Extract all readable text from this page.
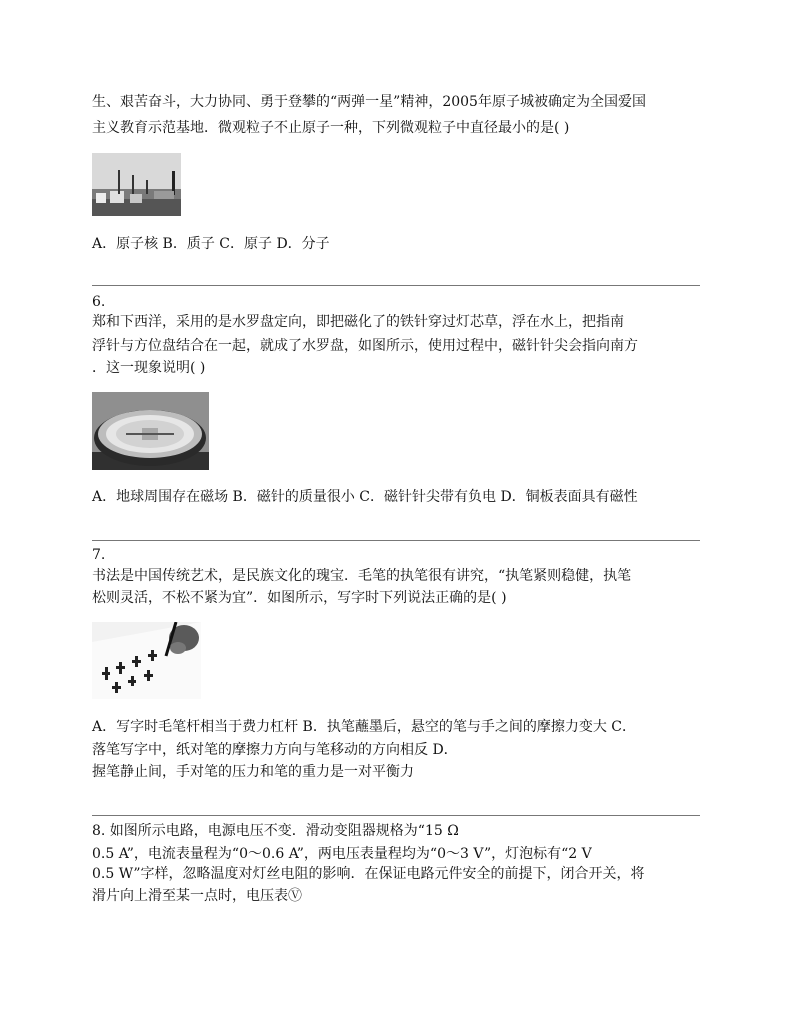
生、艰苦奋斗，大力协同、勇于登攀的“两弹一星”精神，2005年原子城被确定为全国爱国
主义教育示范基地．微观粒子不止原子一种，下列微观粒子中直径最小的是( )
A．原子核 B．质子 C．原子 D．分子
6.
郑和下西洋，采用的是水罗盘定向，即把磁化了的铁针穿过灯芯草，浮在水上，把指南
浮针与方位盘结合在一起，就成了水罗盘，如图所示，使用过程中，磁针针尖会指向南方
．这一现象说明( )
A．地球周围存在磁场 B．磁针的质量很小 C．磁针针尖带有负电 D．铜板表面具有磁性
7.
书法是中国传统艺术，是民族文化的瑰宝．毛笔的执笔很有讲究，“执笔紧则稳健，执笔
松则灵活，不松不紧为宜”．如图所示，写字时下列说法正确的是( )
A．写字时毛笔杆相当于费力杠杆 B．执笔蘸墨后，悬空的笔与手之间的摩擦力变大 C．
落笔写字中，纸对笔的摩擦力方向与笔移动的方向相反 D．
握笔静止间，手对笔的压力和笔的重力是一对平衡力
8. 如图所示电路，电源电压不变．滑动变阻器规格为“15 Ω
0.5 A”，电流表量程为“0～0.6 A”，两电压表量程均为“0～3 V”，灯泡标有“2 V
0.5 W”字样，忽略温度对灯丝电阻的影响．在保证电路元件安全的前提下，闭合开关，将
滑片向上滑至某一点时，电压表Ⓥ
